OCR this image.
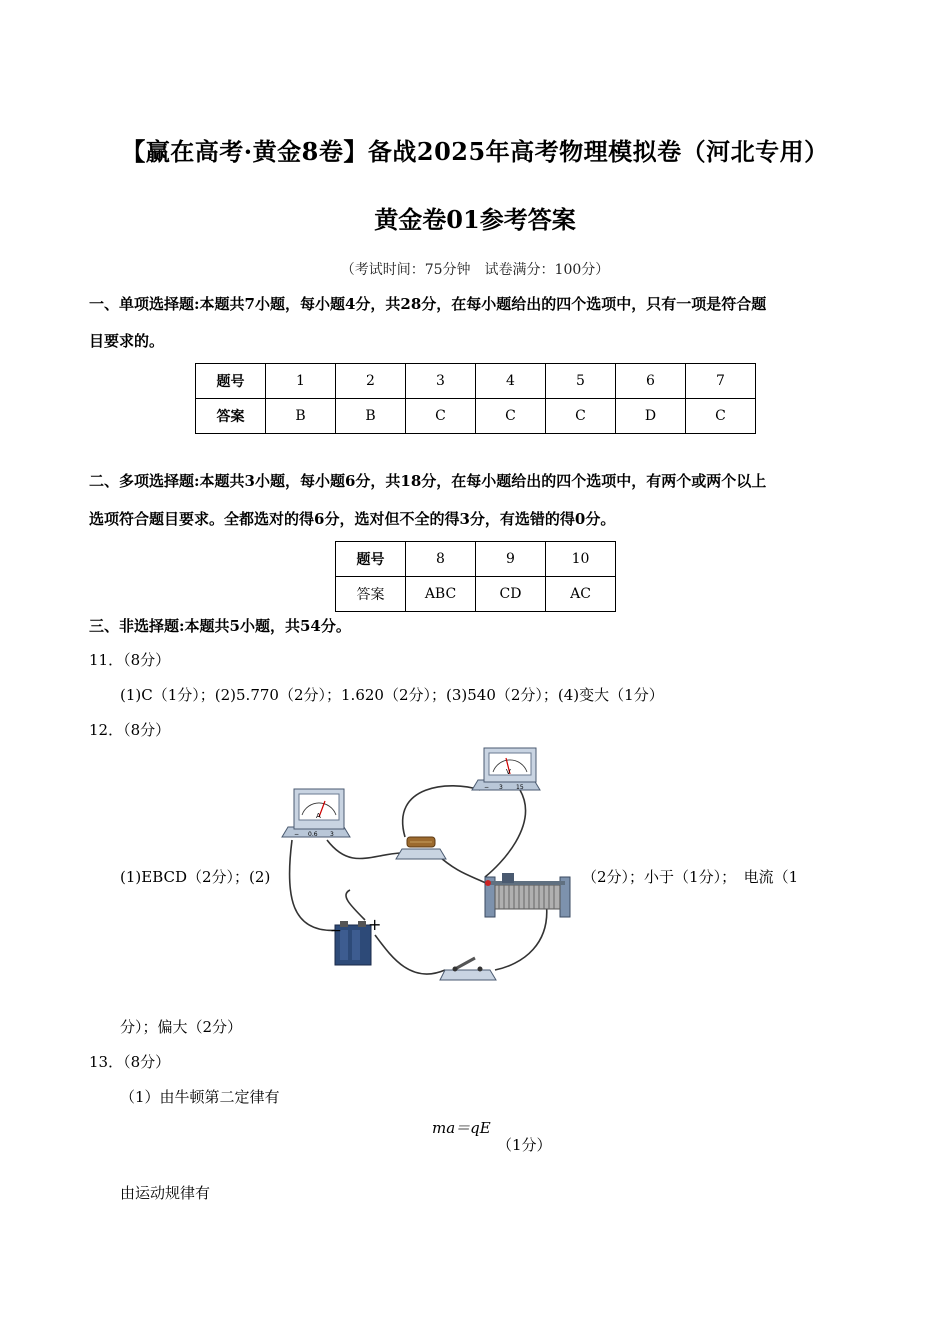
【赢在高考·黄金8卷】备战2025年高考物理模拟卷（河北专用）
黄金卷01参考答案
（考试时间：75分钟　试卷满分：100分）
一、单项选择题:本题共7小题，每小题4分，共28分，在每小题给出的四个选项中，只有一项是符合题
目要求的。
题号	1	2	3	4	5	6	7
答案	B	B	C	C	C	D	C
二、多项选择题:本题共3小题，每小题6分，共18分，在每小题给出的四个选项中，有两个或两个以上
选项符合题目要求。全都选对的得6分，选对但不全的得3分，有选错的得0分。
题号	8	9	10
答案	ABC	CD	AC
三、非选择题:本题共5小题，共54分。
11．（8分）
(1)C（1分）；(2)5.770（2分）；1.620（2分）；(3)540（2分）；(4)变大（1分）
12．（8分）
(1)EBCD（2分）；(2)	（2分）；小于（1分）；　电流（1
A
− 0.6 3
V
− 3 15
− +
分）；偏大（2分）
13．（8分）
（1）由牛顿第二定律有
ma＝qE
（1分）
由运动规律有
